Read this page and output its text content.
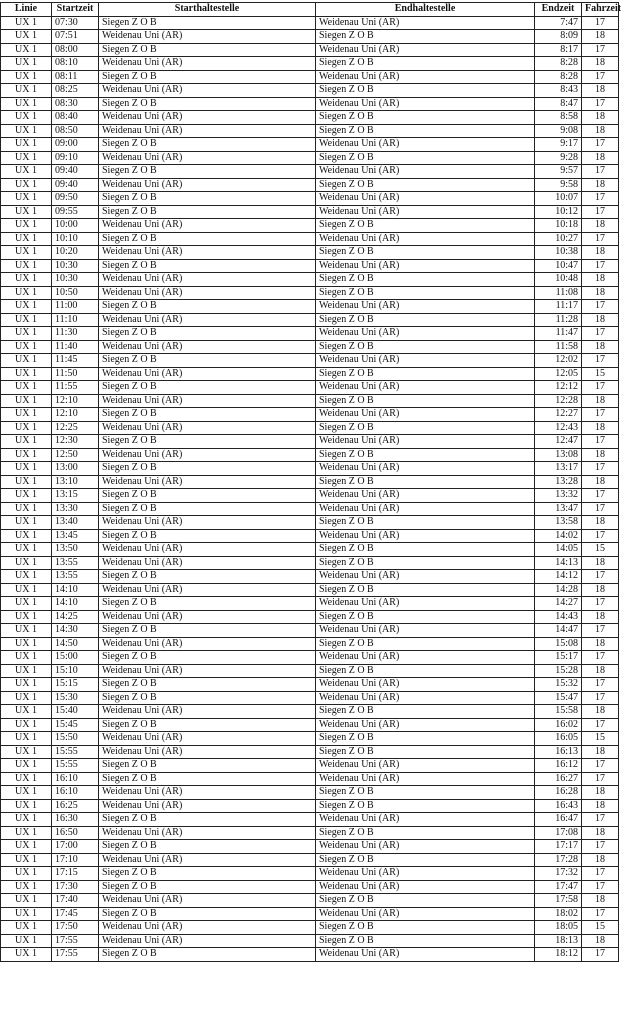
Linie	Startzeit	Starthaltestelle	Endhaltestelle	Endzeit	Fahrzeit
UX 1	07:30	Siegen Z O B	Weidenau Uni (AR)	7:47	17
UX 1	07:51	Weidenau Uni (AR)	Siegen Z O B	8:09	18
UX 1	08:00	Siegen Z O B	Weidenau Uni (AR)	8:17	17
UX 1	08:10	Weidenau Uni (AR)	Siegen Z O B	8:28	18
UX 1	08:11	Siegen Z O B	Weidenau Uni (AR)	8:28	17
UX 1	08:25	Weidenau Uni (AR)	Siegen Z O B	8:43	18
UX 1	08:30	Siegen Z O B	Weidenau Uni (AR)	8:47	17
UX 1	08:40	Weidenau Uni (AR)	Siegen Z O B	8:58	18
UX 1	08:50	Weidenau Uni (AR)	Siegen Z O B	9:08	18
UX 1	09:00	Siegen Z O B	Weidenau Uni (AR)	9:17	17
UX 1	09:10	Weidenau Uni (AR)	Siegen Z O B	9:28	18
UX 1	09:40	Siegen Z O B	Weidenau Uni (AR)	9:57	17
UX 1	09:40	Weidenau Uni (AR)	Siegen Z O B	9:58	18
UX 1	09:50	Siegen Z O B	Weidenau Uni (AR)	10:07	17
UX 1	09:55	Siegen Z O B	Weidenau Uni (AR)	10:12	17
UX 1	10:00	Weidenau Uni (AR)	Siegen Z O B	10:18	18
UX 1	10:10	Siegen Z O B	Weidenau Uni (AR)	10:27	17
UX 1	10:20	Weidenau Uni (AR)	Siegen Z O B	10:38	18
UX 1	10:30	Siegen Z O B	Weidenau Uni (AR)	10:47	17
UX 1	10:30	Weidenau Uni (AR)	Siegen Z O B	10:48	18
UX 1	10:50	Weidenau Uni (AR)	Siegen Z O B	11:08	18
UX 1	11:00	Siegen Z O B	Weidenau Uni (AR)	11:17	17
UX 1	11:10	Weidenau Uni (AR)	Siegen Z O B	11:28	18
UX 1	11:30	Siegen Z O B	Weidenau Uni (AR)	11:47	17
UX 1	11:40	Weidenau Uni (AR)	Siegen Z O B	11:58	18
UX 1	11:45	Siegen Z O B	Weidenau Uni (AR)	12:02	17
UX 1	11:50	Weidenau Uni (AR)	Siegen Z O B	12:05	15
UX 1	11:55	Siegen Z O B	Weidenau Uni (AR)	12:12	17
UX 1	12:10	Weidenau Uni (AR)	Siegen Z O B	12:28	18
UX 1	12:10	Siegen Z O B	Weidenau Uni (AR)	12:27	17
UX 1	12:25	Weidenau Uni (AR)	Siegen Z O B	12:43	18
UX 1	12:30	Siegen Z O B	Weidenau Uni (AR)	12:47	17
UX 1	12:50	Weidenau Uni (AR)	Siegen Z O B	13:08	18
UX 1	13:00	Siegen Z O B	Weidenau Uni (AR)	13:17	17
UX 1	13:10	Weidenau Uni (AR)	Siegen Z O B	13:28	18
UX 1	13:15	Siegen Z O B	Weidenau Uni (AR)	13:32	17
UX 1	13:30	Siegen Z O B	Weidenau Uni (AR)	13:47	17
UX 1	13:40	Weidenau Uni (AR)	Siegen Z O B	13:58	18
UX 1	13:45	Siegen Z O B	Weidenau Uni (AR)	14:02	17
UX 1	13:50	Weidenau Uni (AR)	Siegen Z O B	14:05	15
UX 1	13:55	Weidenau Uni (AR)	Siegen Z O B	14:13	18
UX 1	13:55	Siegen Z O B	Weidenau Uni (AR)	14:12	17
UX 1	14:10	Weidenau Uni (AR)	Siegen Z O B	14:28	18
UX 1	14:10	Siegen Z O B	Weidenau Uni (AR)	14:27	17
UX 1	14:25	Weidenau Uni (AR)	Siegen Z O B	14:43	18
UX 1	14:30	Siegen Z O B	Weidenau Uni (AR)	14:47	17
UX 1	14:50	Weidenau Uni (AR)	Siegen Z O B	15:08	18
UX 1	15:00	Siegen Z O B	Weidenau Uni (AR)	15:17	17
UX 1	15:10	Weidenau Uni (AR)	Siegen Z O B	15:28	18
UX 1	15:15	Siegen Z O B	Weidenau Uni (AR)	15:32	17
UX 1	15:30	Siegen Z O B	Weidenau Uni (AR)	15:47	17
UX 1	15:40	Weidenau Uni (AR)	Siegen Z O B	15:58	18
UX 1	15:45	Siegen Z O B	Weidenau Uni (AR)	16:02	17
UX 1	15:50	Weidenau Uni (AR)	Siegen Z O B	16:05	15
UX 1	15:55	Weidenau Uni (AR)	Siegen Z O B	16:13	18
UX 1	15:55	Siegen Z O B	Weidenau Uni (AR)	16:12	17
UX 1	16:10	Siegen Z O B	Weidenau Uni (AR)	16:27	17
UX 1	16:10	Weidenau Uni (AR)	Siegen Z O B	16:28	18
UX 1	16:25	Weidenau Uni (AR)	Siegen Z O B	16:43	18
UX 1	16:30	Siegen Z O B	Weidenau Uni (AR)	16:47	17
UX 1	16:50	Weidenau Uni (AR)	Siegen Z O B	17:08	18
UX 1	17:00	Siegen Z O B	Weidenau Uni (AR)	17:17	17
UX 1	17:10	Weidenau Uni (AR)	Siegen Z O B	17:28	18
UX 1	17:15	Siegen Z O B	Weidenau Uni (AR)	17:32	17
UX 1	17:30	Siegen Z O B	Weidenau Uni (AR)	17:47	17
UX 1	17:40	Weidenau Uni (AR)	Siegen Z O B	17:58	18
UX 1	17:45	Siegen Z O B	Weidenau Uni (AR)	18:02	17
UX 1	17:50	Weidenau Uni (AR)	Siegen Z O B	18:05	15
UX 1	17:55	Weidenau Uni (AR)	Siegen Z O B	18:13	18
UX 1	17:55	Siegen Z O B	Weidenau Uni (AR)	18:12	17
